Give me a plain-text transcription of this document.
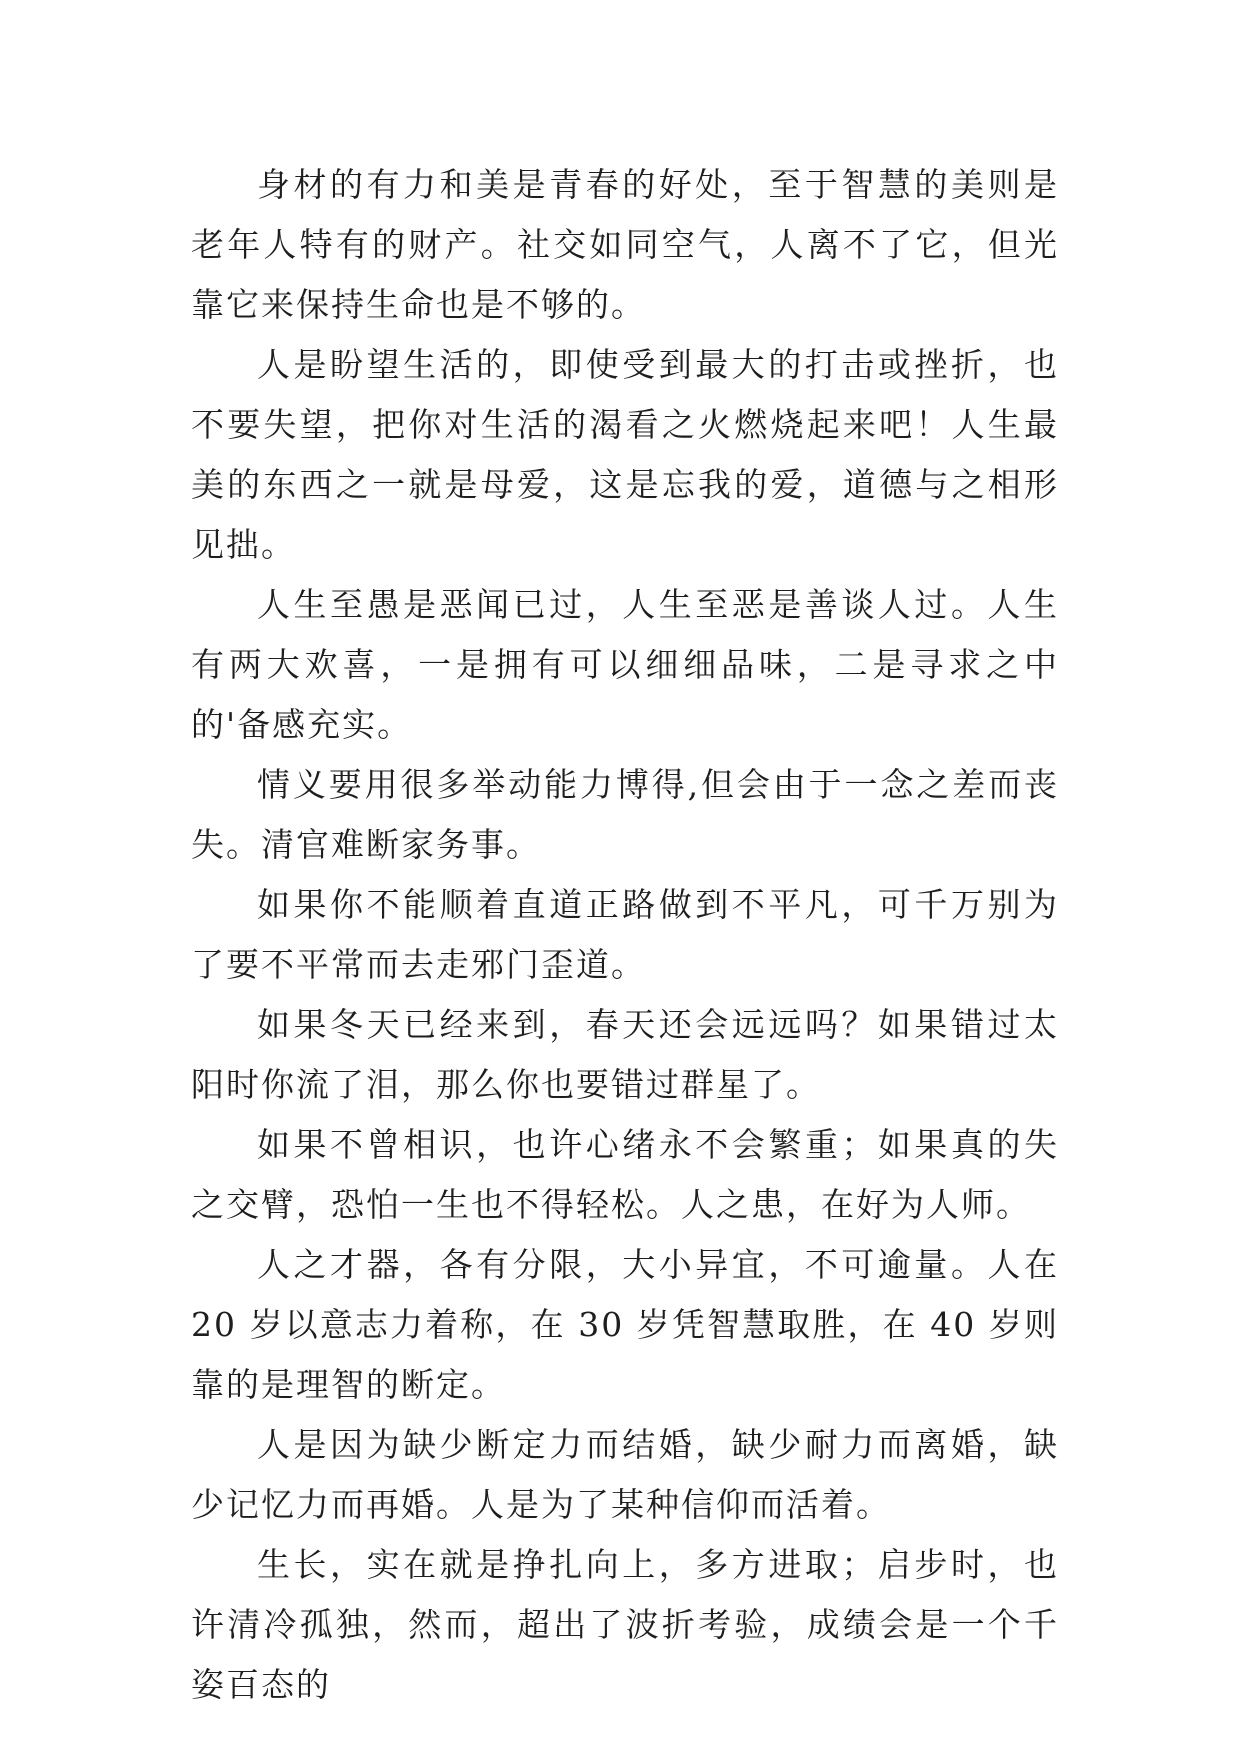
身材的有力和美是青春的好处，至于智慧的美则是老年人特有的财产。社交如同空气，人离不了它，但光靠它来保持生命也是不够的。

人是盼望生活的，即使受到最大的打击或挫折，也不要失望，把你对生活的渴看之火燃烧起来吧！人生最美的东西之一就是母爱，这是忘我的爱，道德与之相形见拙。

人生至愚是恶闻已过，人生至恶是善谈人过。人生有两大欢喜，一是拥有可以细细品味，二是寻求之中的'备感充实。

情义要用很多举动能力博得,但会由于一念之差而丧失。清官难断家务事。

如果你不能顺着直道正路做到不平凡，可千万别为了要不平常而去走邪门歪道。

如果冬天已经来到，春天还会远远吗？如果错过太阳时你流了泪，那么你也要错过群星了。

如果不曾相识，也许心绪永不会繁重；如果真的失之交臂，恐怕一生也不得轻松。人之患，在好为人师。

人之才器，各有分限，大小异宜，不可逾量。人在 20 岁以意志力着称，在 30 岁凭智慧取胜，在 40 岁则靠的是理智的断定。

人是因为缺少断定力而结婚，缺少耐力而离婚，缺少记忆力而再婚。人是为了某种信仰而活着。

生长，实在就是挣扎向上，多方进取；启步时，也许清冷孤独，然而，超出了波折考验，成绩会是一个千姿百态的
